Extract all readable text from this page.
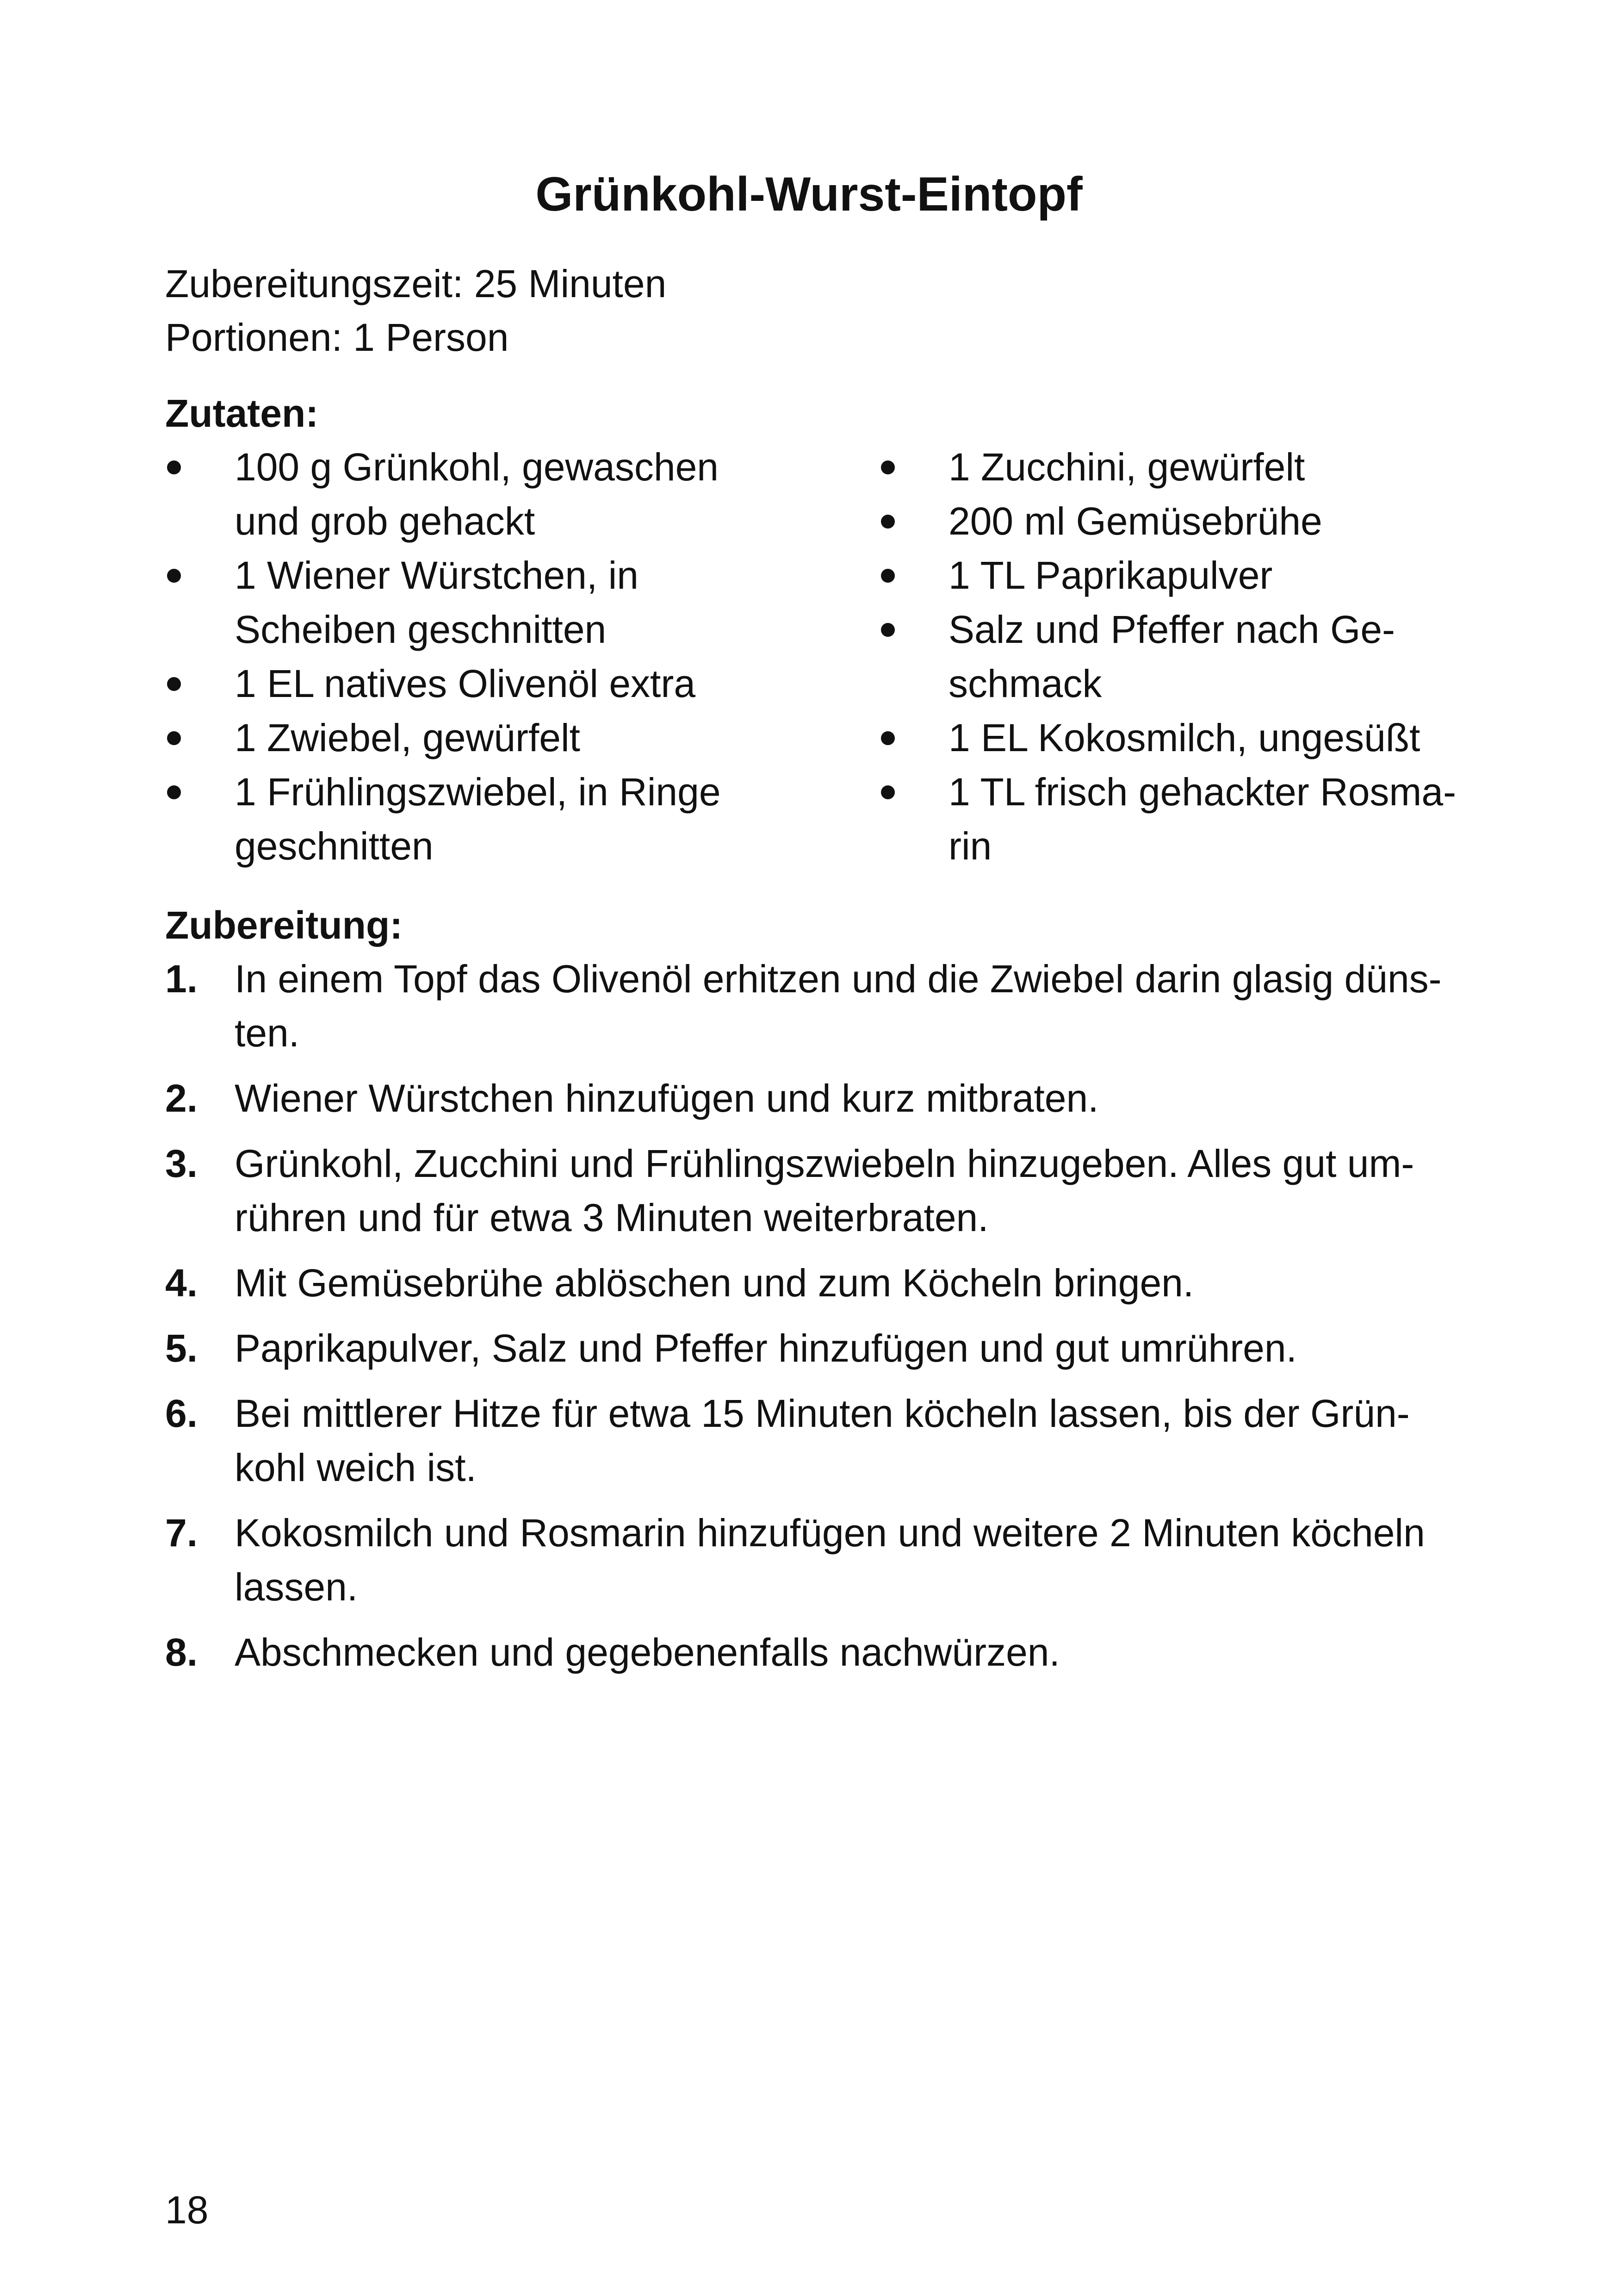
Grünkohl-Wurst-Eintopf
Zubereitungszeit: 25 Minuten
Portionen: 1 Person
Zutaten:
100 g Grünkohl, gewaschen
und grob gehackt
1 Wiener Würstchen, in
Scheiben geschnitten
1 EL natives Olivenöl extra
1 Zwiebel, gewürfelt
1 Frühlingszwiebel, in Ringe
geschnitten
1 Zucchini, gewürfelt
200 ml Gemüsebrühe
1 TL Paprikapulver
Salz und Pfeffer nach Ge-
schmack
1 EL Kokosmilch, ungesüßt
1 TL frisch gehackter Rosma-
rin
Zubereitung:
1. In einem Topf das Olivenöl erhitzen und die Zwiebel darin glasig düns-
ten.
2. Wiener Würstchen hinzufügen und kurz mitbraten.
3. Grünkohl, Zucchini und Frühlingszwiebeln hinzugeben. Alles gut um-
rühren und für etwa 3 Minuten weiterbraten.
4. Mit Gemüsebrühe ablöschen und zum Köcheln bringen.
5. Paprikapulver, Salz und Pfeffer hinzufügen und gut umrühren.
6. Bei mittlerer Hitze für etwa 15 Minuten köcheln lassen, bis der Grün-
kohl weich ist.
7. Kokosmilch und Rosmarin hinzufügen und weitere 2 Minuten köcheln
lassen.
8. Abschmecken und gegebenenfalls nachwürzen.
18
